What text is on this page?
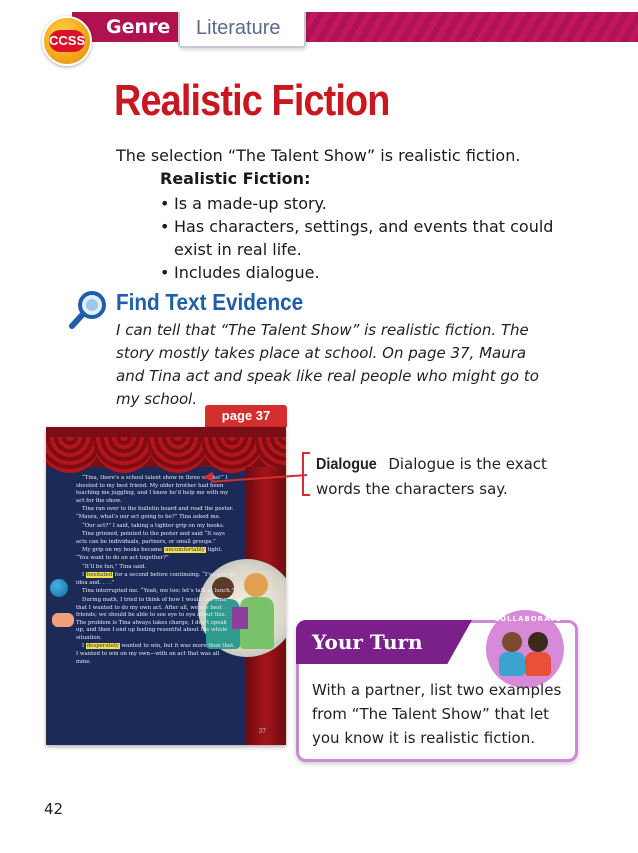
Genre Literature
CCSS
Realistic Fiction

The selection “The Talent Show” is realistic fiction.

Realistic Fiction:

• Is a made-up story.
• Has characters, settings, and events that could exist in real life.
• Includes dialogue.
Find Text Evidence

I can tell that “The Talent Show” is realistic fiction. The story mostly takes place at school. On page 37, Maura and Tina act and speak like real people who might go to my school.

page 37

“Tina, there’s a school talent show in three weeks!” I shouted to my best friend. My older brother had been teaching me juggling, and I knew he’d help me with my act for the show.

Tina ran over to the bulletin board and read the poster. “Maura, what’s our act going to be?” Tina asked me.

“Our act?” I said, taking a tighter grip on my books.

Tina grinned, pointed to the poster and said “It says acts can be individuals, partners, or small groups.”

My grip on my books became uncomfortably tight. “You want to do an act together?”

“It’ll be fun,” Tina said.

I hesitated for a second before continuing. “I’ve got an idea and. . . .”

Tina interrupted me. “Yeah, me too; let’s talk at lunch.”

During math, I tried to think of how I would tell Tina that I wanted to do my own act. After all, we are best friends; we should be able to see eye to eye about this. The problem is Tina always takes charge, I don’t speak up, and then I end up feeling resentful about the whole situation.

I desperately wanted to win, but it was more than that. I wanted to win on my own—with an act that was all mine.

37

Dialogue Dialogue is the exact words the characters say.

Your Turn
COLLABORATE

With a partner, list two examples from “The Talent Show” that let you know it is realistic fiction.

42
